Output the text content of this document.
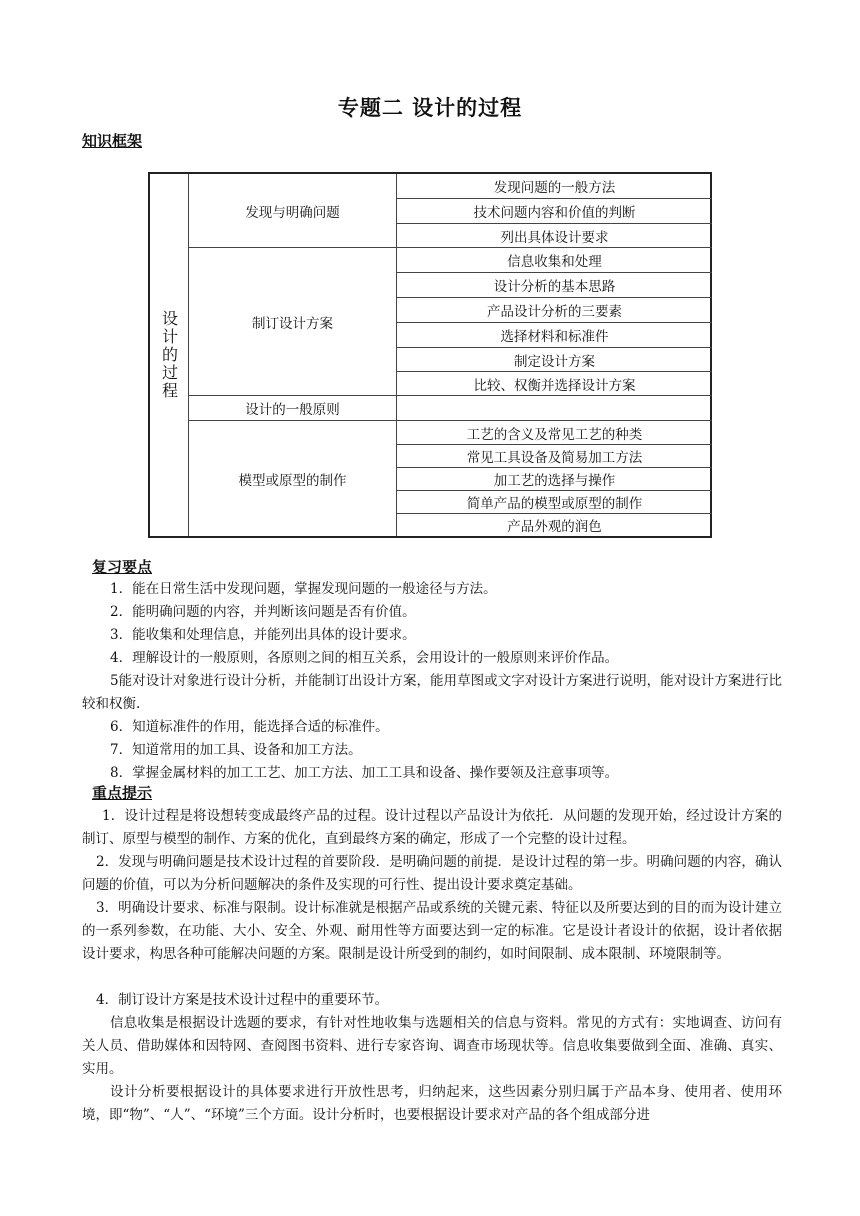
专题二 设计的过程
知识框架
设计的过程
发现与明确问题
发现问题的一般方法
技术问题内容和价值的判断
列出具体设计要求
制订设计方案
信息收集和处理
设计分析的基本思路
产品设计分析的三要素
选择材料和标准件
制定设计方案
比较、权衡并选择设计方案
设计的一般原则
模型或原型的制作
工艺的含义及常见工艺的种类
常见工具设备及简易加工方法
加工艺的选择与操作
简单产品的模型或原型的制作
产品外观的润色
复习要点

1．能在日常生活中发现问题，掌握发现问题的一般途径与方法。

2．能明确问题的内容，并判断该问题是否有价值。

3．能收集和处理信息，并能列出具体的设计要求。

4．理解设计的一般原则，各原则之间的相互关系，会用设计的一般原则来评价作品。

5能对设计对象进行设计分析，并能制订出设计方案，能用草图或文字对设计方案进行说明，能对设计方案进行比较和权衡.

6．知道标准件的作用，能选择合适的标准件。

7．知道常用的加工具、设备和加工方法。

8．掌握金属材料的加工工艺、加工方法、加工工具和设备、操作要领及注意事项等。

重点提示

1．设计过程是将设想转变成最终产品的过程。设计过程以产品设计为依托．从问题的发现开始，经过设计方案的制订、原型与模型的制作、方案的优化，直到最终方案的确定，形成了一个完整的设计过程。

2．发现与明确问题是技术设计过程的首要阶段．是明确问题的前提．是设计过程的第一步。明确问题的内容，确认问题的价值，可以为分析问题解决的条件及实现的可行性、提出设计要求奠定基础。

3．明确设计要求、标准与限制。设计标准就是根据产品或系统的关键元素、特征以及所要达到的目的而为设计建立的一系列参数，在功能、大小、安全、外观、耐用性等方面要达到一定的标准。它是设计者设计的依据，设计者依据设计要求，构思各种可能解决问题的方案。限制是设计所受到的制约，如时间限制、成本限制、环境限制等。

4．制订设计方案是技术设计过程中的重要环节。

信息收集是根据设计选题的要求，有针对性地收集与选题相关的信息与资料。常见的方式有：实地调查、访问有关人员、借助媒体和因特网、查阅图书资料、进行专家咨询、调查市场现状等。信息收集要做到全面、准确、真实、实用。

设计分析要根据设计的具体要求进行开放性思考，归纳起来，这些因素分别归属于产品本身、使用者、使用环境，即“物”、“人”、“环境”三个方面。设计分析时，也要根据设计要求对产品的各个组成部分进
